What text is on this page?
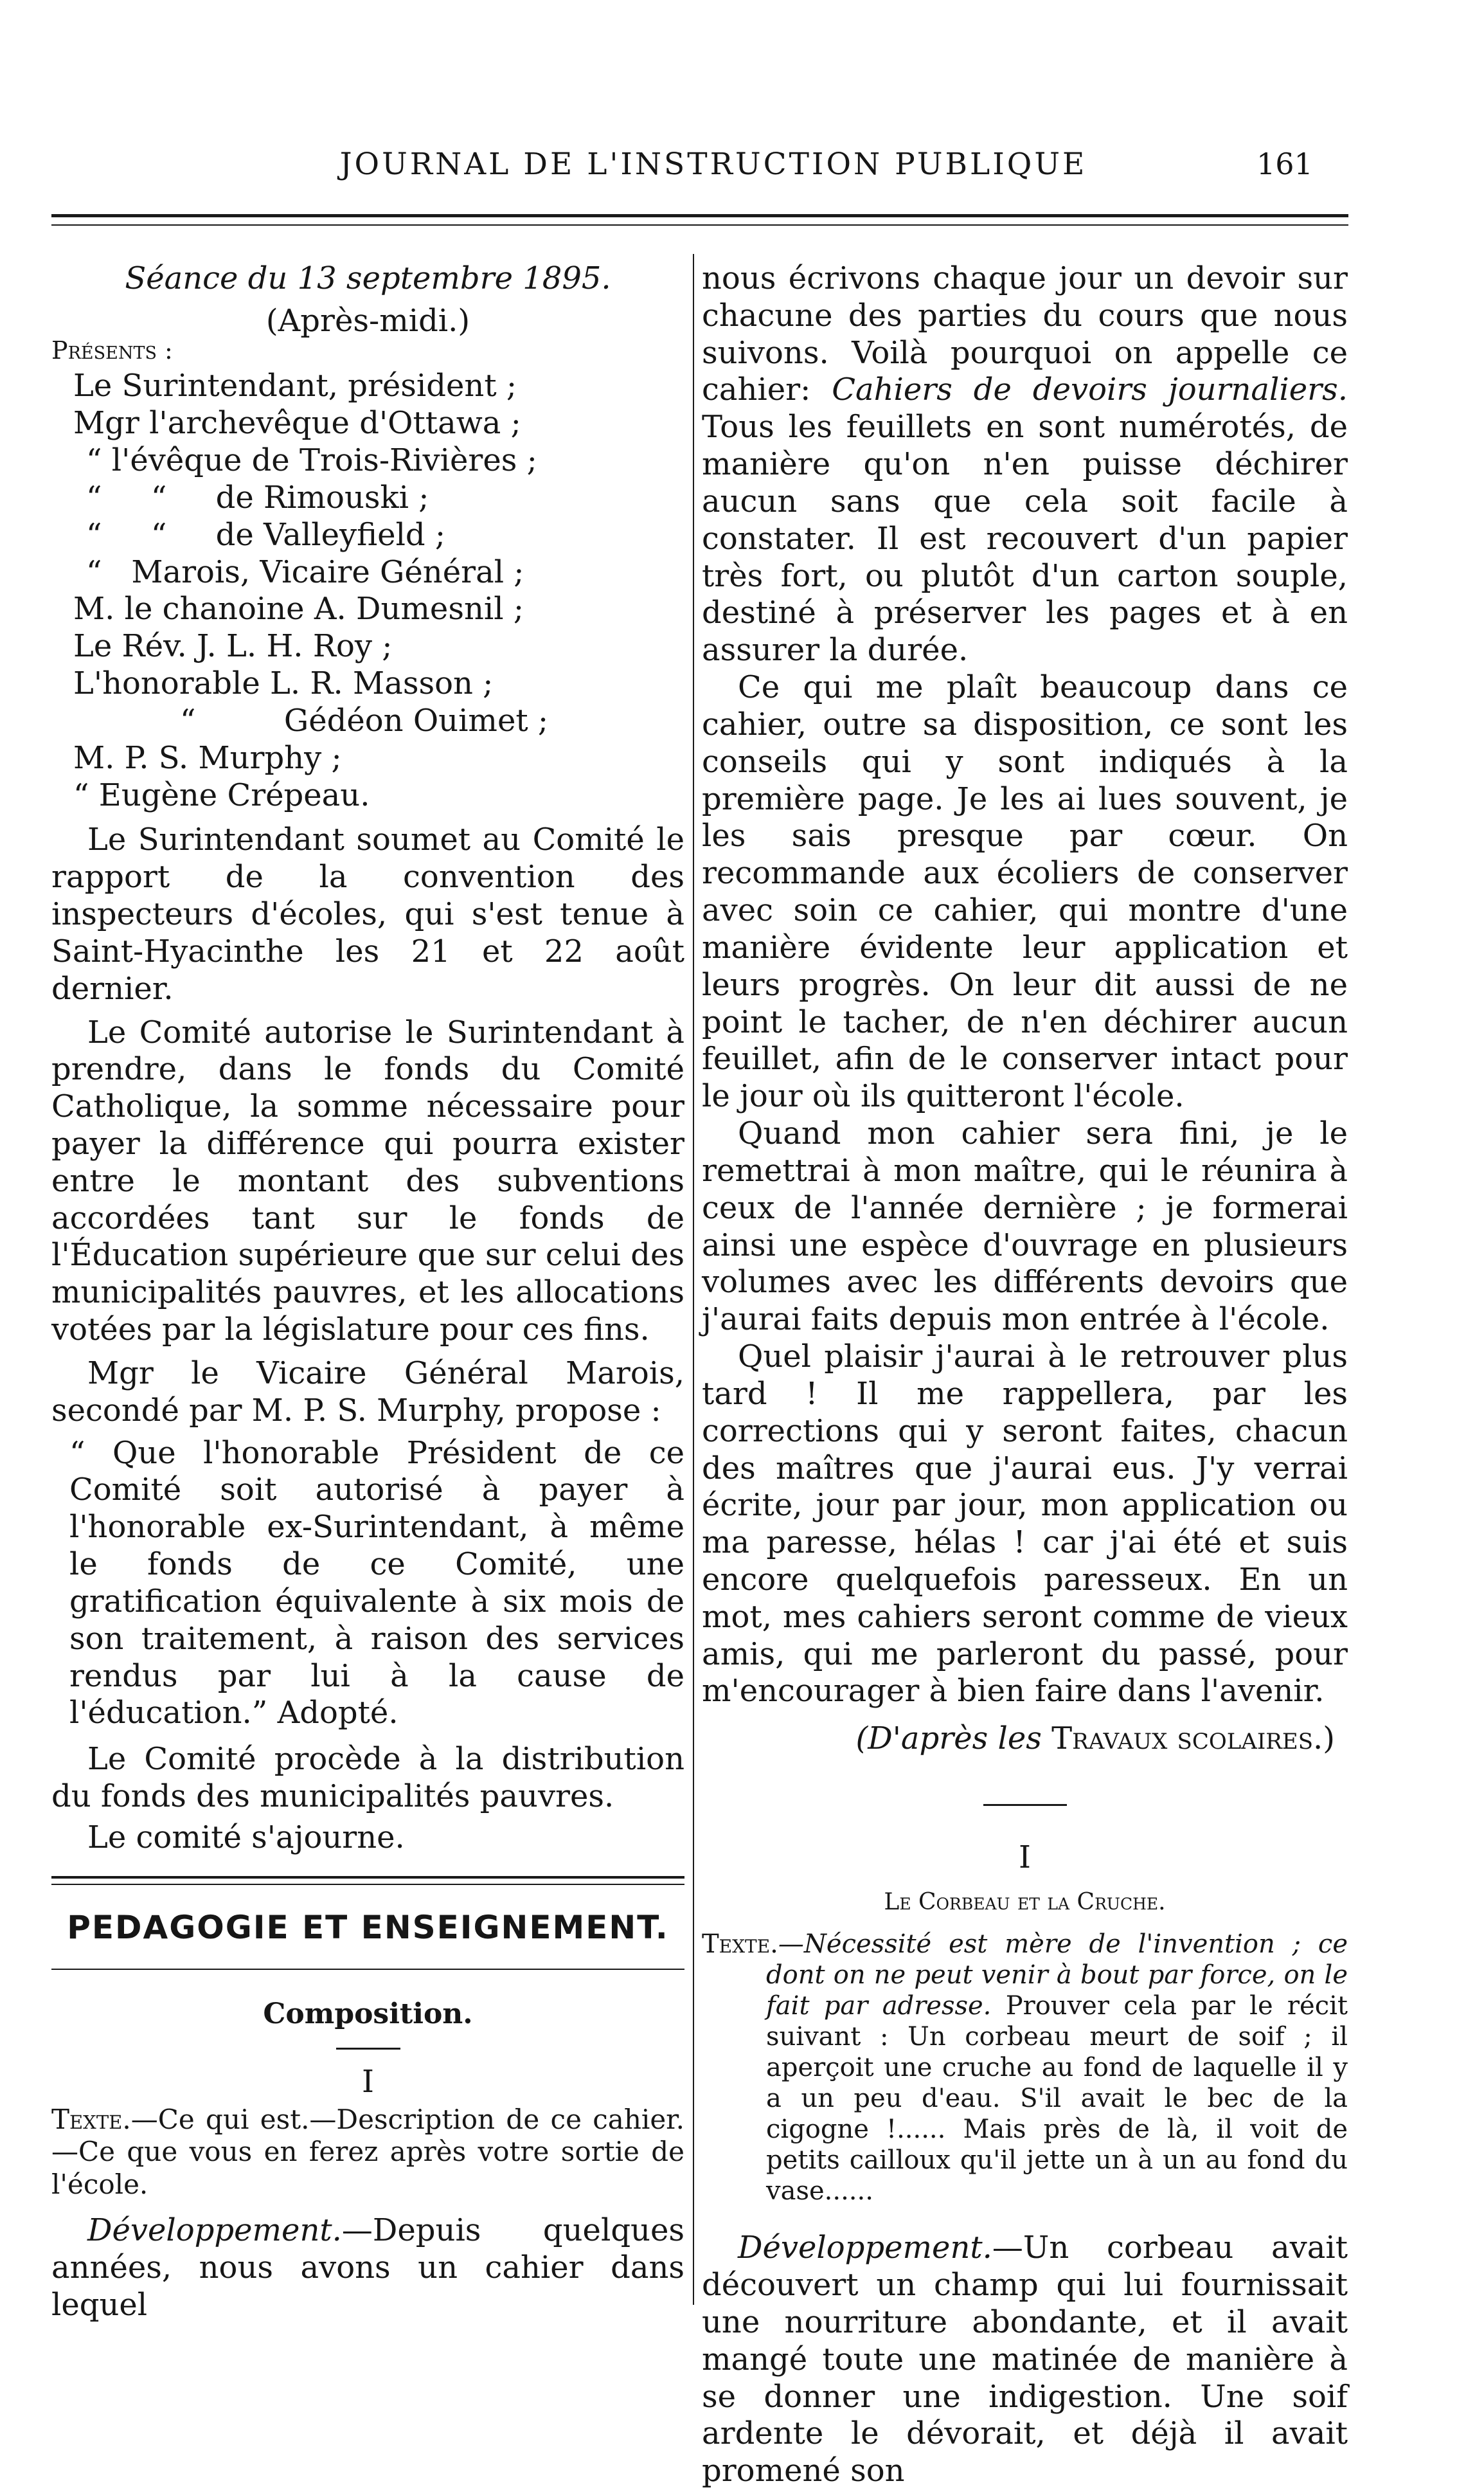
JOURNAL DE L'INSTRUCTION PUBLIQUE	161

Séance du 13 septembre 1895.

(Après-midi.)

Présents :

Le Surintendant, président ;

Mgr l'archevêque d'Ottawa ;

“ l'évêque de Trois-Rivières ;

“     “     de Rimouski ;

“     “     de Valleyfield ;

“   Marois, Vicaire Général ;

M. le chanoine A. Dumesnil ;

Le Rév. J. L. H. Roy ;

L'honorable L. R. Masson ;

“         Gédéon Ouimet ;

M. P. S. Murphy ;

“ Eugène Crépeau.

Le Surintendant soumet au Comité le rapport de la convention des inspecteurs d'écoles, qui s'est tenue à Saint-Hyacinthe les 21 et 22 août dernier.

Le Comité autorise le Surintendant à prendre, dans le fonds du Comité Catholique, la somme nécessaire pour payer la différence qui pourra exister entre le montant des subventions accordées tant sur le fonds de l'Éducation supérieure que sur celui des municipalités pauvres, et les allocations votées par la législature pour ces fins.

Mgr le Vicaire Général Marois, secondé par M. P. S. Murphy, propose :

“ Que l'honorable Président de ce Comité soit autorisé à payer à l'honorable ex-Surintendant, à même le fonds de ce Comité, une gratification équivalente à six mois de son traitement, à raison des services rendus par lui à la cause de l'éducation.” Adopté.

Le Comité procède à la distribution du fonds des municipalités pauvres.

Le comité s'ajourne.

PEDAGOGIE ET ENSEIGNEMENT.

Composition.

I

Texte.—Ce qui est.—Description de ce cahier. —Ce que vous en ferez après votre sortie de l'école.

Développement.—Depuis quelques années, nous avons un cahier dans lequel

nous écrivons chaque jour un devoir sur chacune des parties du cours que nous suivons. Voilà pourquoi on appelle ce cahier: Cahiers de devoirs journaliers. Tous les feuillets en sont numérotés, de manière qu'on n'en puisse déchirer aucun sans que cela soit facile à constater. Il est recouvert d'un papier très fort, ou plutôt d'un carton souple, destiné à préserver les pages et à en assurer la durée.

Ce qui me plaît beaucoup dans ce cahier, outre sa disposition, ce sont les conseils qui y sont indiqués à la première page. Je les ai lues souvent, je les sais presque par cœur. On recommande aux écoliers de conserver avec soin ce cahier, qui montre d'une manière évidente leur application et leurs progrès. On leur dit aussi de ne point le tacher, de n'en déchirer aucun feuillet, afin de le conserver intact pour le jour où ils quitteront l'école.

Quand mon cahier sera fini, je le remettrai à mon maître, qui le réunira à ceux de l'année dernière ; je formerai ainsi une espèce d'ouvrage en plusieurs volumes avec les différents devoirs que j'aurai faits depuis mon entrée à l'école.

Quel plaisir j'aurai à le retrouver plus tard ! Il me rappellera, par les corrections qui y seront faites, chacun des maîtres que j'aurai eus. J'y verrai écrite, jour par jour, mon application ou ma paresse, hélas ! car j'ai été et suis encore quelquefois paresseux. En un mot, mes cahiers seront comme de vieux amis, qui me parleront du passé, pour m'encourager à bien faire dans l'avenir.

(D'après les Travaux scolaires.)

I

Le Corbeau et la Cruche.

Texte.—Nécessité est mère de l'invention ; ce dont on ne peut venir à bout par force, on le fait par adresse. Prouver cela par le récit suivant : Un corbeau meurt de soif ; il aperçoit une cruche au fond de laquelle il y a un peu d'eau. S'il avait le bec de la cigogne !...... Mais près de là, il voit de petits cailloux qu'il jette un à un au fond du vase......

Développement.—Un corbeau avait découvert un champ qui lui fournissait une nourriture abondante, et il avait mangé toute une matinée de manière à se donner une indigestion. Une soif ardente le dévorait, et déjà il avait promené son
